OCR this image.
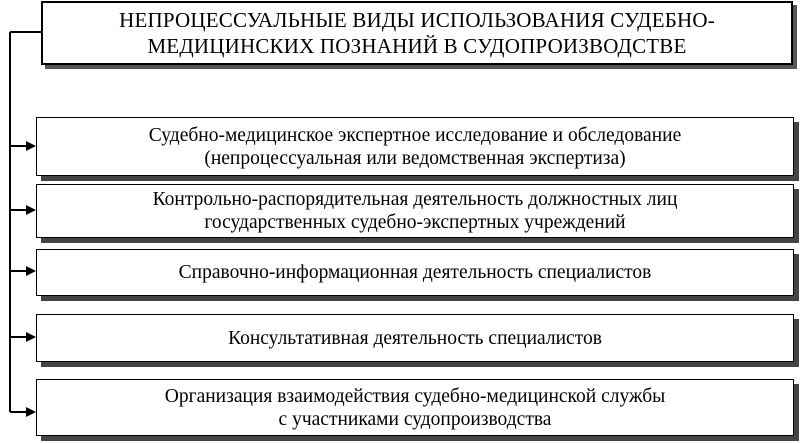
НЕПРОЦЕССУАЛЬНЫЕ ВИДЫ ИСПОЛЬЗОВАНИЯ СУДЕБНО-
МЕДИЦИНСКИХ ПОЗНАНИЙ В СУДОПРОИЗВОДСТВЕ
Судебно-медицинское экспертное исследование и обследование
(непроцессуальная или ведомственная экспертиза)
Контрольно-распорядительная деятельность должностных лиц
государственных судебно-экспертных учреждений
Справочно-информационная деятельность специалистов
Консультативная деятельность специалистов
Организация взаимодействия судебно-медицинской службы
с участниками судопроизводства
